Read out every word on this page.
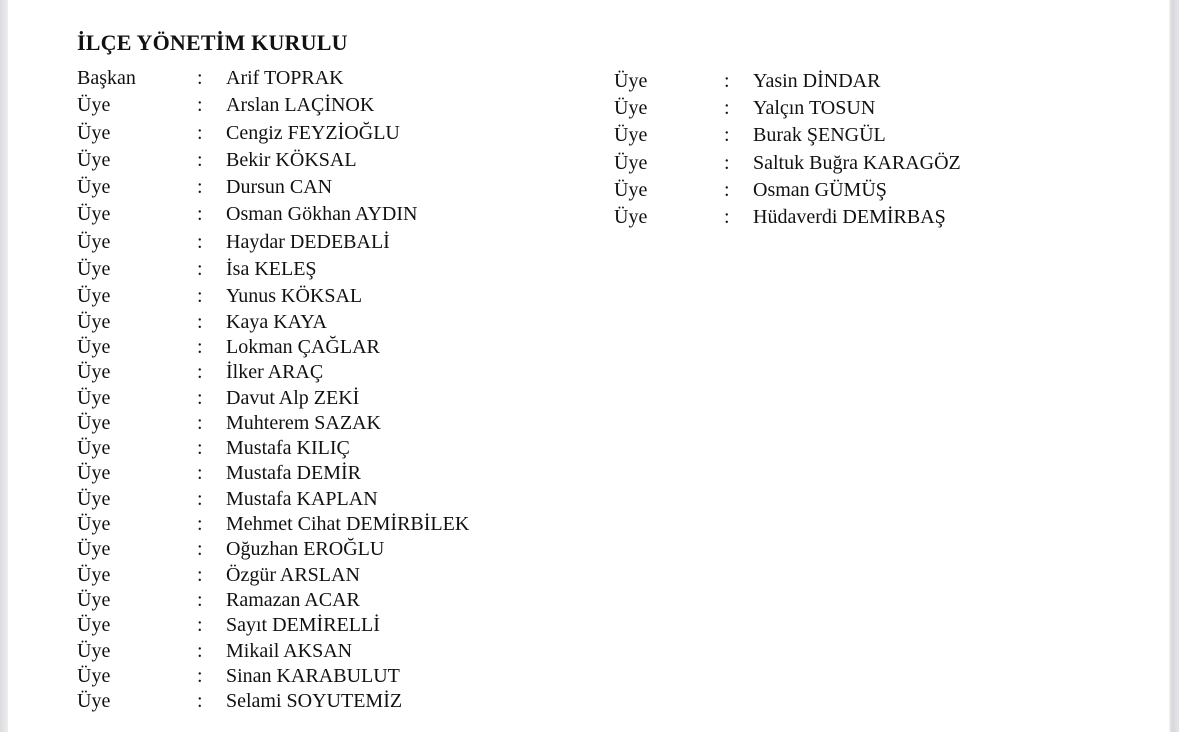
İLÇE YÖNETİM KURULU
Başkan	:	Arif TOPRAK
Üye	:	Arslan LAÇİNOK
Üye	:	Cengiz FEYZİOĞLU
Üye	:	Bekir KÖKSAL
Üye	:	Dursun CAN
Üye	:	Osman Gökhan AYDIN
Üye	:	Haydar DEDEBALİ
Üye	:	İsa KELEŞ
Üye	:	Yunus KÖKSAL
Üye	:	Kaya KAYA
Üye	:	Lokman ÇAĞLAR
Üye	:	İlker ARAÇ
Üye	:	Davut Alp ZEKİ
Üye	:	Muhterem SAZAK
Üye	:	Mustafa KILIÇ
Üye	:	Mustafa DEMİR
Üye	:	Mustafa KAPLAN
Üye	:	Mehmet Cihat DEMİRBİLEK
Üye	:	Oğuzhan EROĞLU
Üye	:	Özgür ARSLAN
Üye	:	Ramazan ACAR
Üye	:	Sayıt DEMİRELLİ
Üye	:	Mikail AKSAN
Üye	:	Sinan KARABULUT
Üye	:	Selami SOYUTEMİZ
Üye	:	Yasin DİNDAR
Üye	:	Yalçın TOSUN
Üye	:	Burak ŞENGÜL
Üye	:	Saltuk Buğra KARAGÖZ
Üye	:	Osman GÜMÜŞ
Üye	:	Hüdaverdi DEMİRBAŞ
